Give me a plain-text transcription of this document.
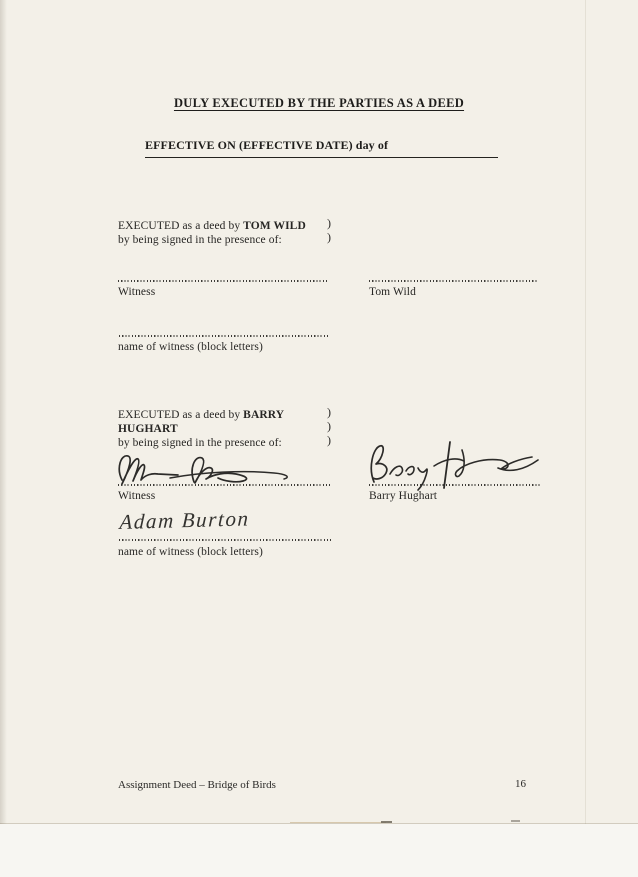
DULY EXECUTED BY THE PARTIES AS A DEED
EFFECTIVE ON (EFFECTIVE DATE) day of
EXECUTED as a deed by TOM WILD )
by being signed in the presence of:	)
Witness	Tom Wild
name of witness (block letters)
EXECUTED as a deed by BARRY	)
HUGHART	)
by being signed in the presence of:	)
Witness	Barry Hughart
Adam Burton
name of witness (block letters)
Assignment Deed – Bridge of Birds	16
